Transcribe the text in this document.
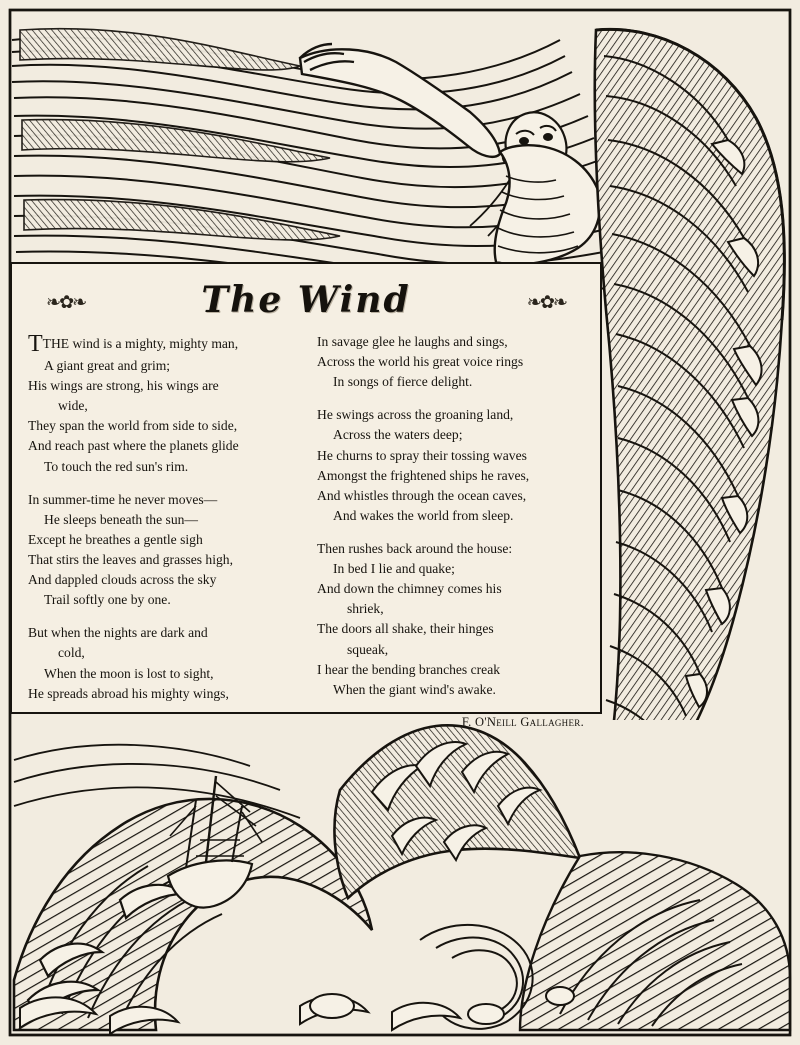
❧✿❧	The Wind	❧✿❧
TTHE wind is a mighty, mighty man,
A giant great and grim;
His wings are strong, his wings are
wide,
They span the world from side to side,
And reach past where the planets glide
To touch the red sun's rim.
In summer-time he never moves—
He sleeps beneath the sun—
Except he breathes a gentle sigh
That stirs the leaves and grasses high,
And dappled clouds across the sky
Trail softly one by one.
But when the nights are dark and
cold,
When the moon is lost to sight,
He spreads abroad his mighty wings,
In savage glee he laughs and sings,
Across the world his great voice rings
In songs of fierce delight.
He swings across the groaning land,
Across the waters deep;
He churns to spray their tossing waves
Amongst the frightened ships he raves,
And whistles through the ocean caves,
And wakes the world from sleep.
Then rushes back around the house:
In bed I lie and quake;
And down the chimney comes his
shriek,
The doors all shake, their hinges
squeak,
I hear the bending branches creak
When the giant wind's awake.
F. O'Neill Gallagher.
